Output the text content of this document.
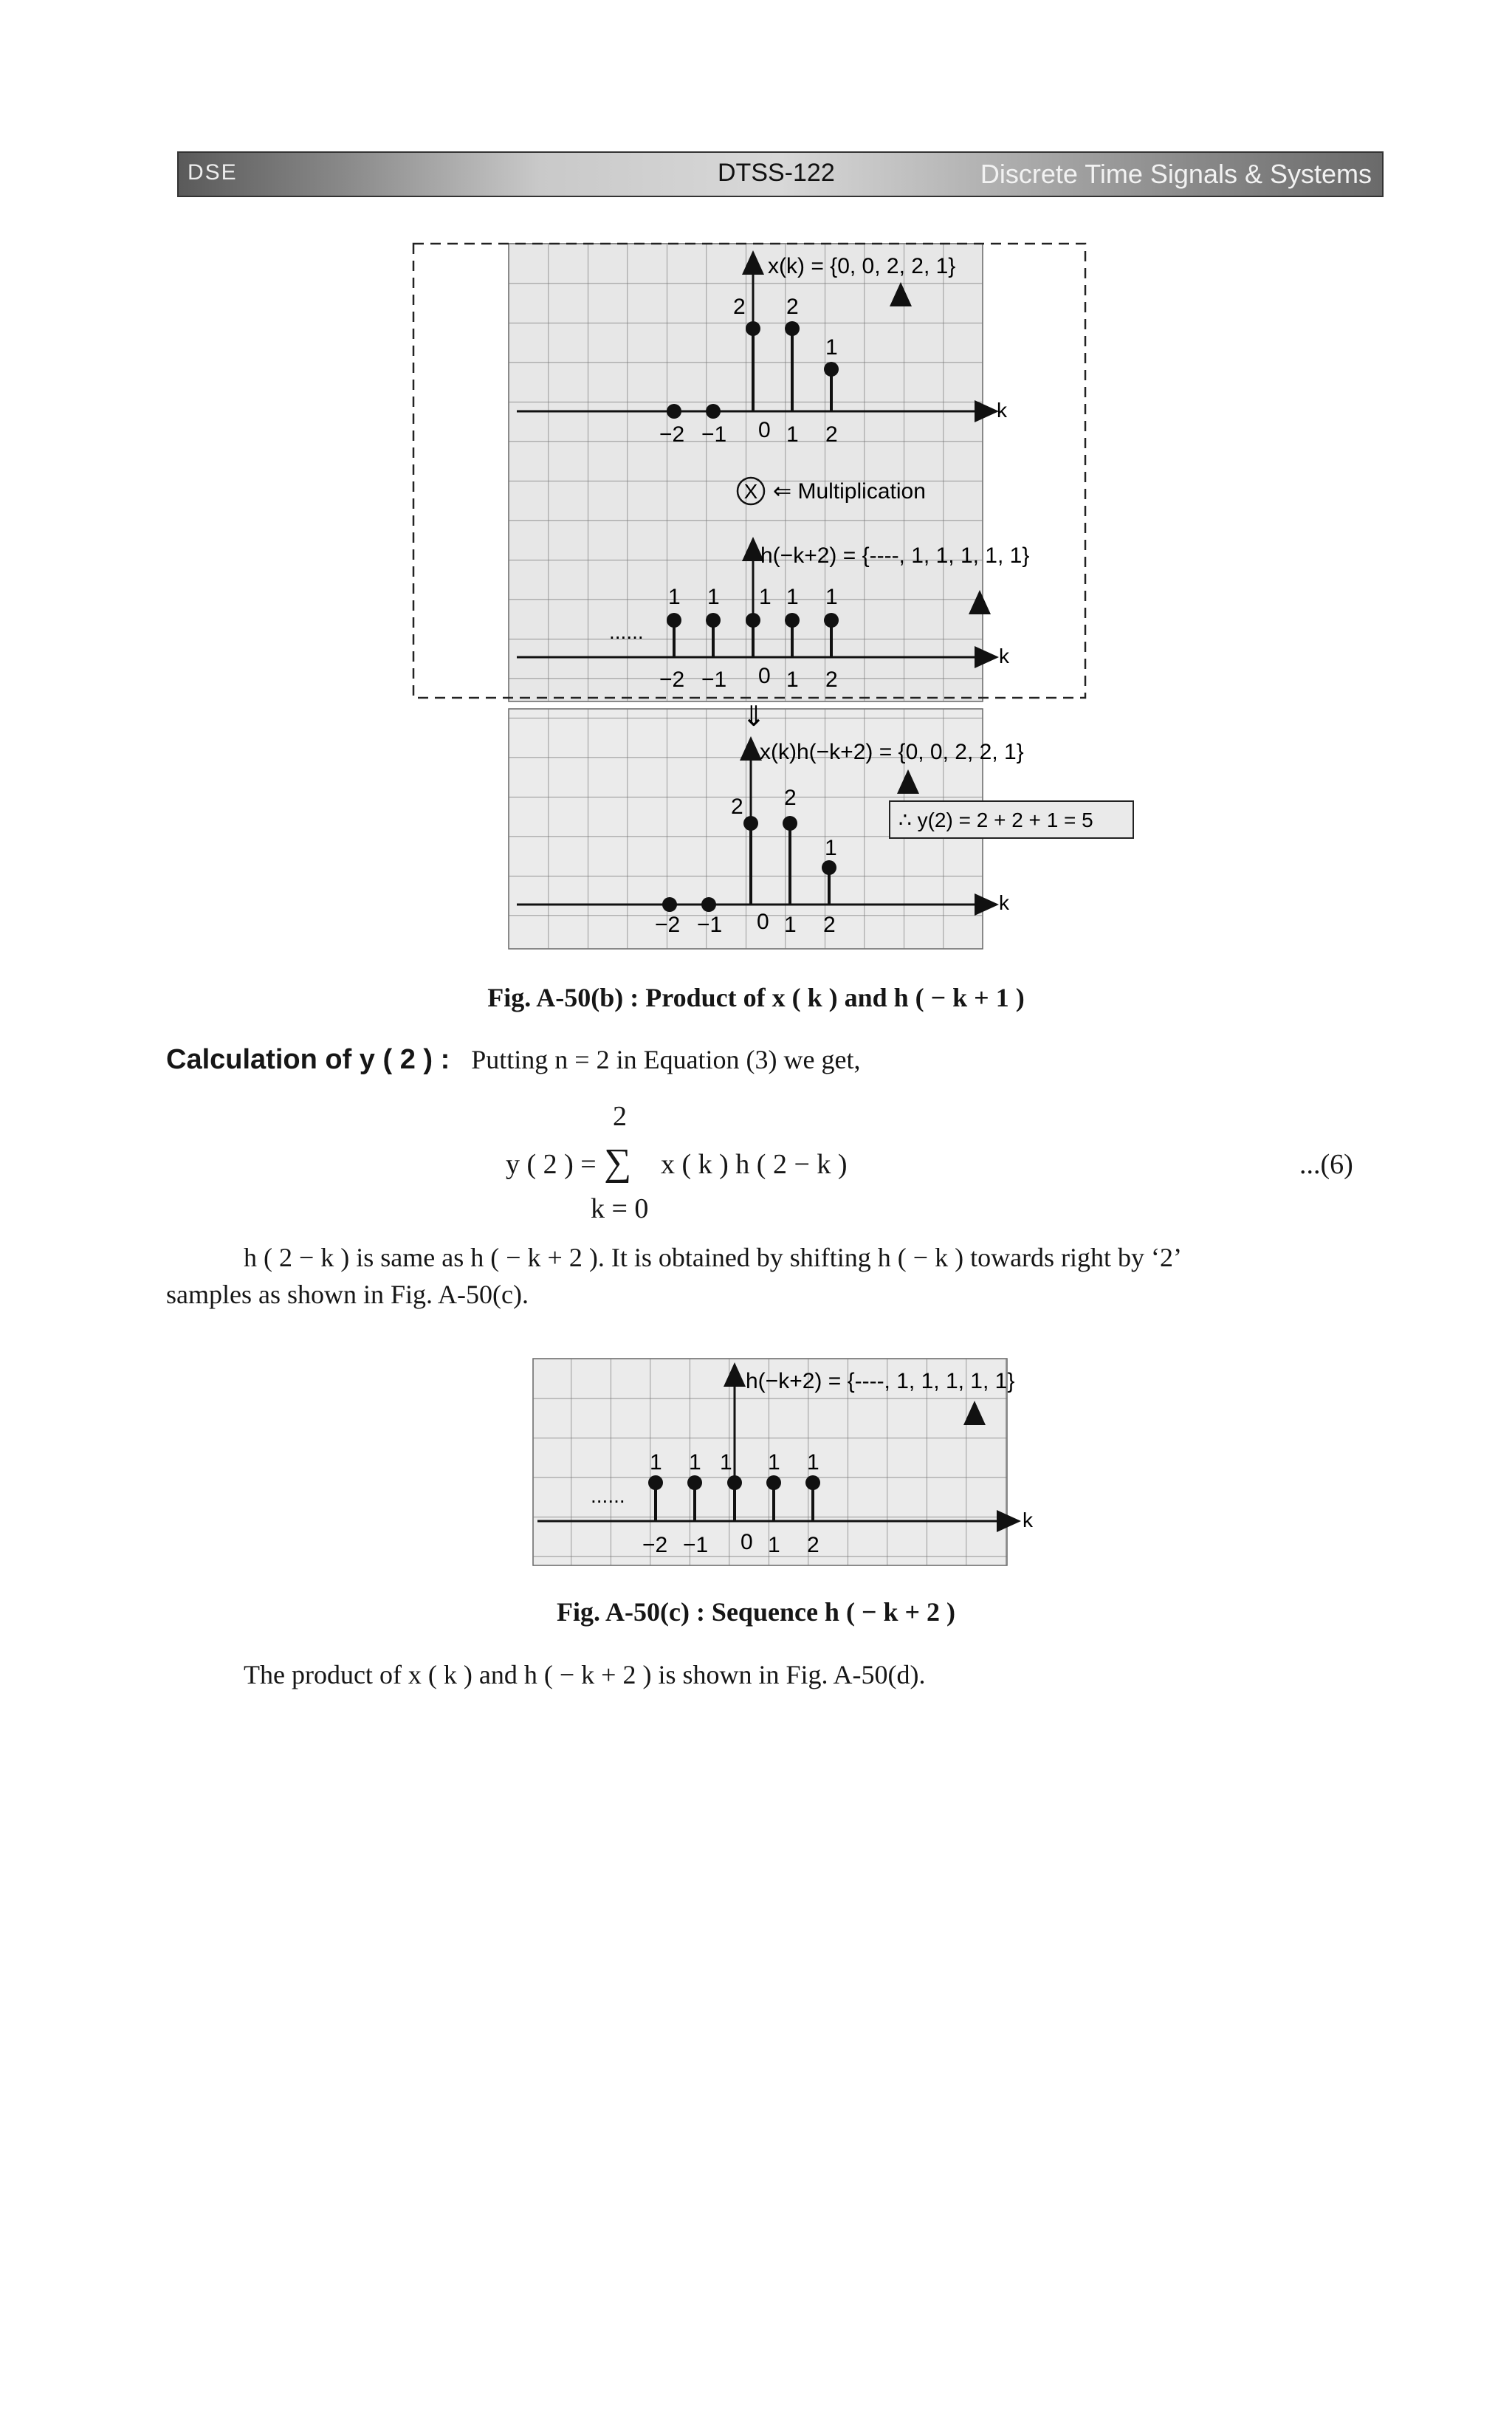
DSE	DTSS-122	Discrete Time Signals & Systems
k
x(k) = {0, 0, 2, 2, 1}
2 2
1
−2 −1 0 1 2
X ⇐ Multiplication
k
h(−k+2) = {----, 1, 1, 1, 1, 1}
1 1 1 1 1
......
−2 −1 0 1 2
⇓
k
x(k)h(−k+2) = {0, 0, 2, 2, 1}
2 2
1
−2 −1 0 1 2
∴ y(2) = 2 + 2 + 1 = 5
Fig. A-50(b) : Product of x ( k ) and h ( − k + 1 )
Calculation of y ( 2 ) : Putting n = 2 in Equation (3) we get,
2
y ( 2 ) = ∑ x ( k ) h ( 2 − k )
k = 0
...(6)
h ( 2 − k ) is same as h ( − k + 2 ). It is obtained by shifting h ( − k ) towards right by ‘2’
samples as shown in Fig. A-50(c).
k
h(−k+2) = {----, 1, 1, 1, 1, 1}
1 1 1 1 1
......
−2 −1 0 1 2
Fig. A-50(c) : Sequence h ( − k + 2 )
The product of x ( k ) and h ( − k + 2 ) is shown in Fig. A-50(d).
